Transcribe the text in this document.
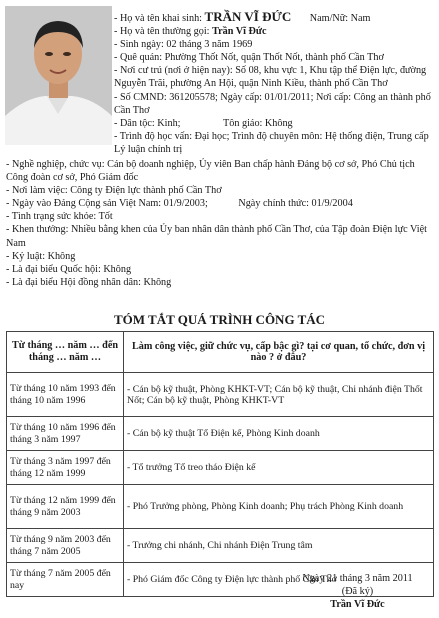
- Họ và tên khai sinh: TRẦN VĨ ĐỨC Nam/Nữ: Nam
- Họ và tên thường gọi: Trần Vĩ Đức
- Sinh ngày: 02 tháng 3 năm 1969
- Quê quán: Phường Thốt Nốt, quận Thốt Nốt, thành phố Cần Thơ
- Nơi cư trú (nơi ở hiện nay): Số 08, khu vực 1, Khu tập thể Điện lực, đường Nguyễn Trãi, phường An Hội, quận Ninh Kiều, thành phố Cần Thơ
- Số CMND: 361205578; Ngày cấp: 01/01/2011; Nơi cấp: Công an thành phố Cần Thơ
- Dân tộc: Kinh;	Tôn giáo: Không
- Trình độ học vấn: Đại học; Trình độ chuyên môn: Hệ thống điện, Trung cấp Lý luận chính trị
- Nghề nghiệp, chức vụ: Cán bộ doanh nghiệp, Ủy viên Ban chấp hành Đảng bộ cơ sở, Phó Chủ tịch Công đoàn cơ sở, Phó Giám đốc
- Nơi làm việc: Công ty Điện lực thành phố Cần Thơ
- Ngày vào Đảng Cộng sản Việt Nam: 01/9/2003;	Ngày chính thức: 01/9/2004
- Tình trạng sức khỏe: Tốt
- Khen thưởng: Nhiều bằng khen của Ủy ban nhân dân thành phố Cần Thơ, của Tập đoàn Điện lực Việt Nam
- Kỷ luật: Không
- Là đại biểu Quốc hội: Không
- Là đại biểu Hội đồng nhân dân: Không
TÓM TẮT QUÁ TRÌNH CÔNG TÁC
Từ tháng … năm … đến tháng … năm …	Làm công việc, giữ chức vụ, cấp bậc gì? tại cơ quan, tổ chức, đơn vị nào ? ở đâu?
Từ tháng 10 năm 1993 đến tháng 10 năm 1996	- Cán bộ kỹ thuật, Phòng KHKT-VT; Cán bộ kỹ thuật, Chi nhánh điện Thốt Nốt; Cán bộ kỹ thuật, Phòng KHKT-VT
Từ tháng 10 năm 1996 đến tháng 3 năm 1997	- Cán bộ kỹ thuật Tổ Điện kế, Phòng Kinh doanh
Từ tháng 3 năm 1997 đến tháng 12 năm 1999	- Tổ trưởng Tổ treo tháo Điện kế
Từ tháng 12 năm 1999 đến tháng 9 năm 2003	- Phó Trưởng phòng, Phòng Kinh doanh; Phụ trách Phòng Kinh doanh
Từ tháng 9 năm 2003 đến tháng 7 năm 2005	- Trưởng chi nhánh, Chi nhánh Điện Trung tâm
Từ tháng 7 năm 2005 đến nay	- Phó Giám đốc Công ty Điện lực thành phố Cần Thơ
Ngày 21 tháng 3 năm 2011
(Đã ký)
Trần Vĩ Đức
